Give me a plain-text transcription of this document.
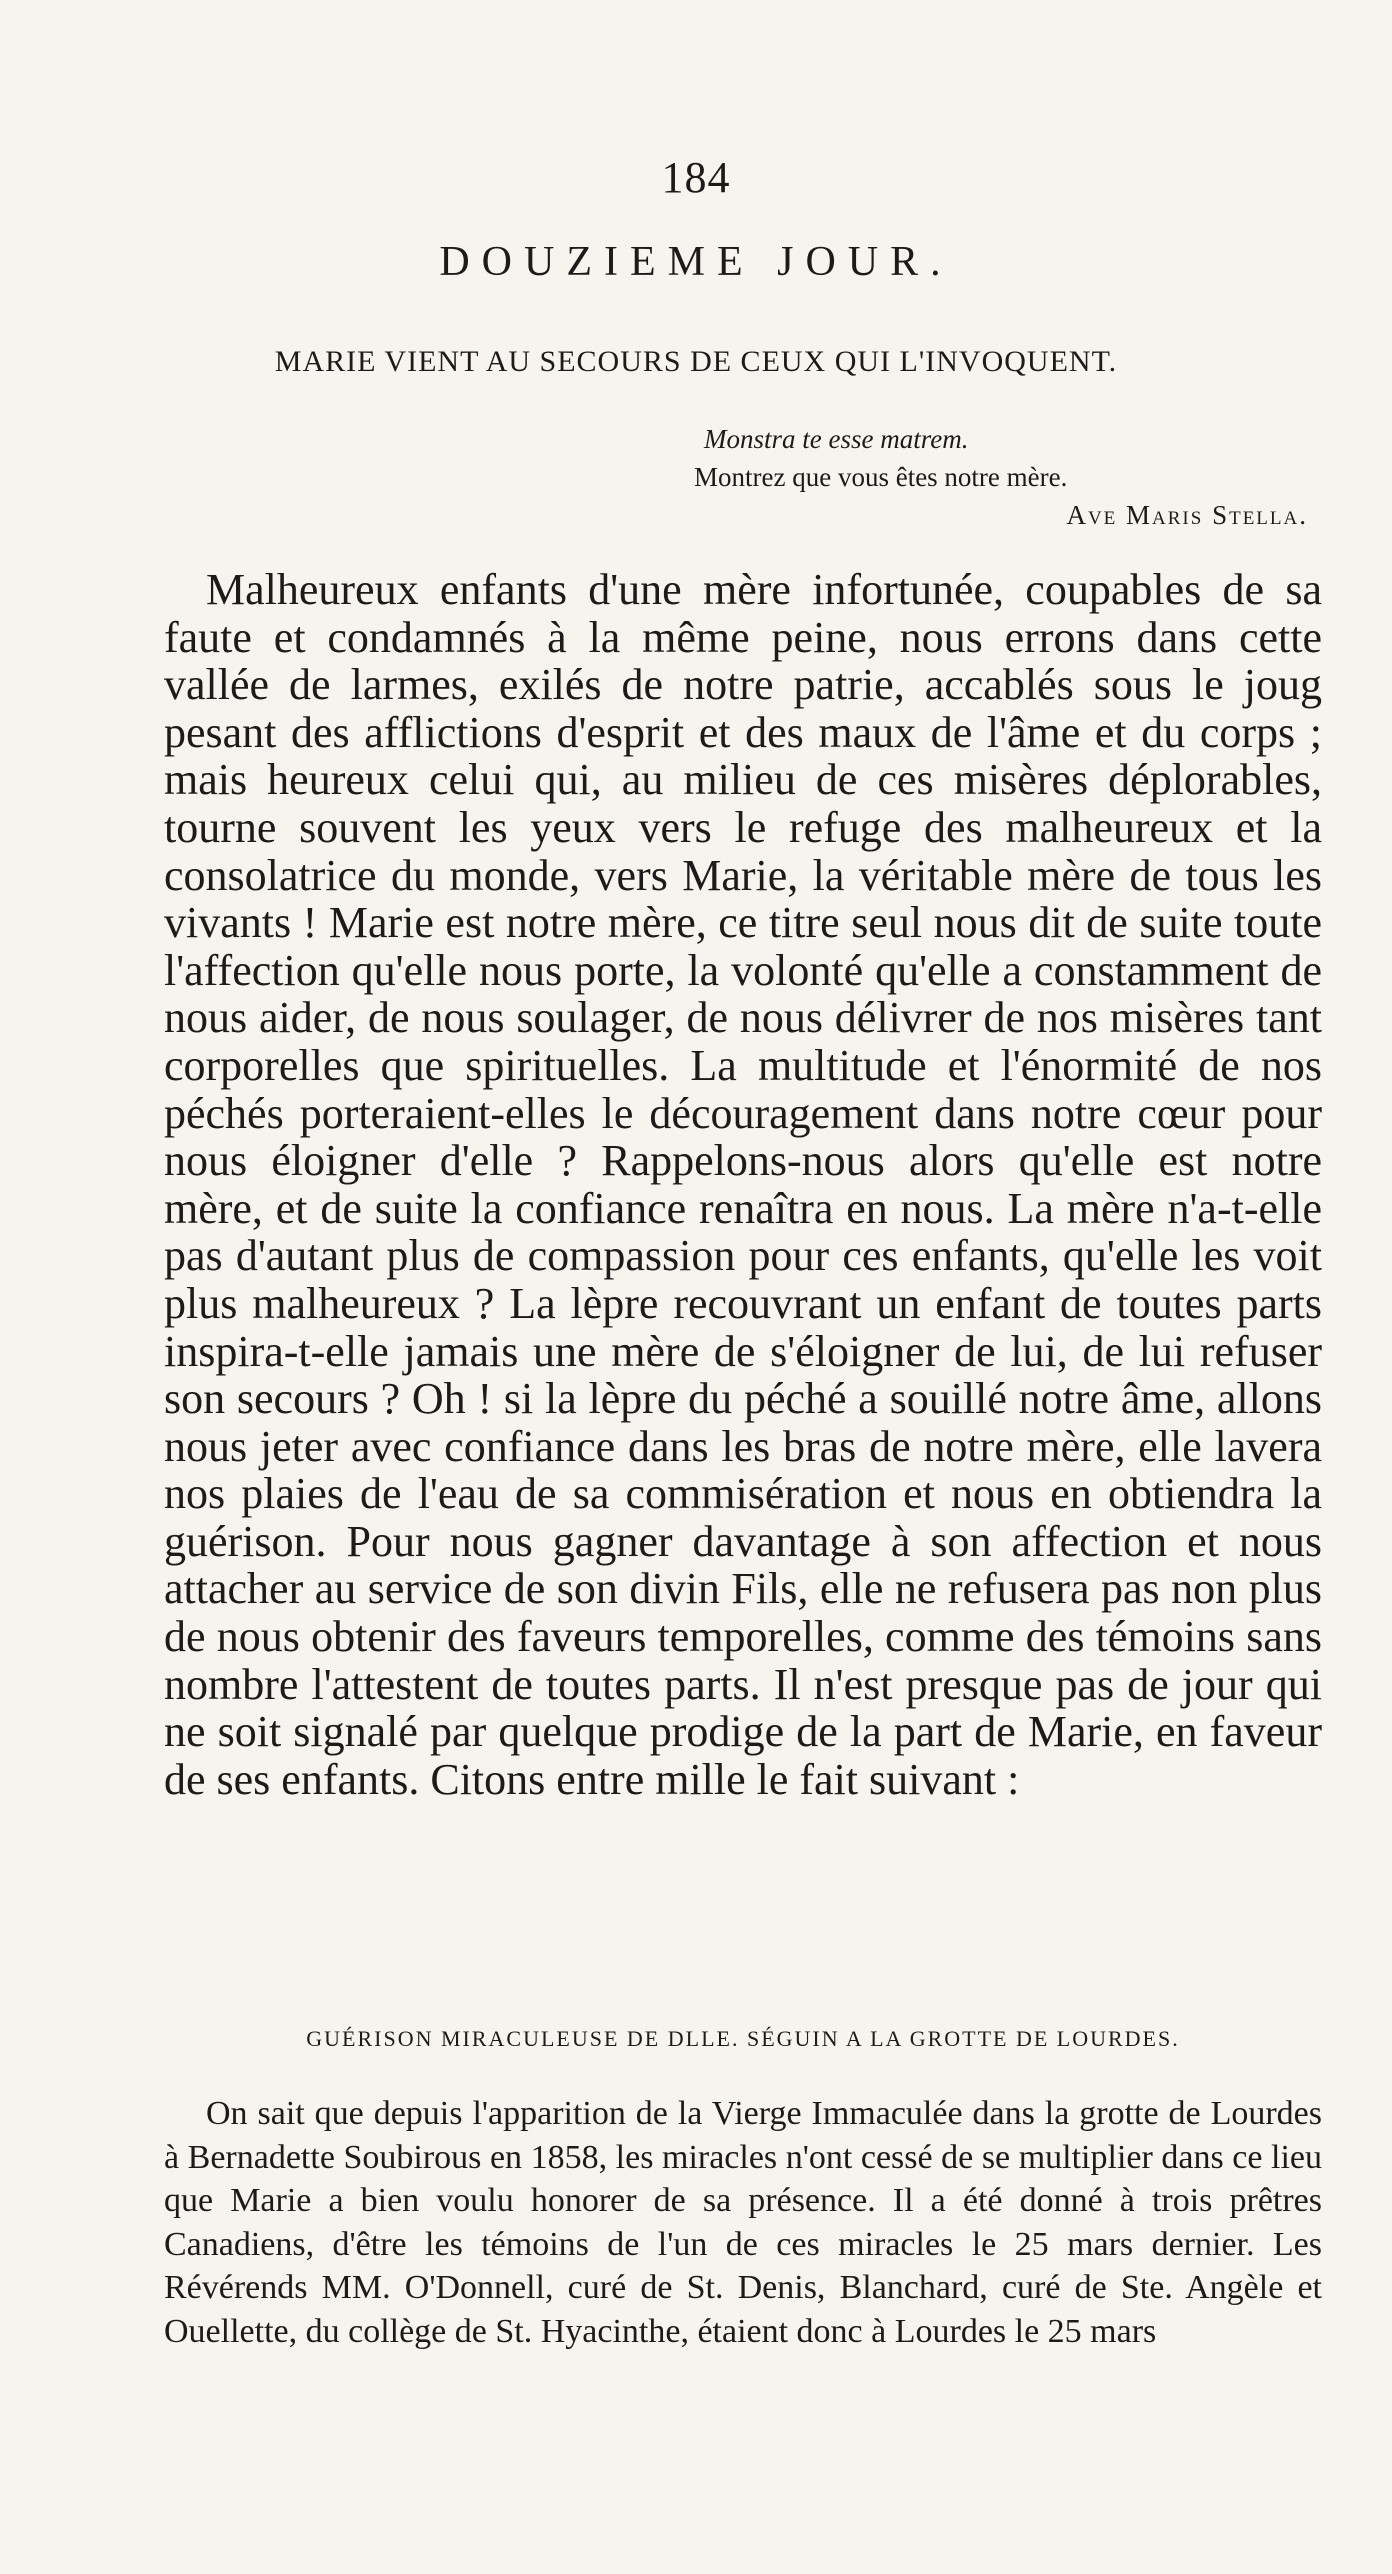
184
DOUZIEME JOUR.
MARIE VIENT AU SECOURS DE CEUX QUI L'INVOQUENT.
Monstra te esse matrem.
Montrez que vous êtes notre mère.
Ave Maris Stella.

Malheureux enfants d'une mère infortunée, coupables de sa faute et condamnés à la même peine, nous errons dans cette vallée de larmes, exilés de notre patrie, accablés sous le joug pesant des afflictions d'esprit et des maux de l'âme et du corps ; mais heureux celui qui, au milieu de ces misères déplorables, tourne souvent les yeux vers le refuge des malheureux et la consolatrice du monde, vers Marie, la véritable mère de tous les vivants ! Marie est notre mère, ce titre seul nous dit de suite toute l'affection qu'elle nous porte, la volonté qu'elle a constamment de nous aider, de nous soulager, de nous délivrer de nos misères tant corporelles que spirituelles. La multitude et l'énormité de nos péchés porteraient-elles le découragement dans notre cœur pour nous éloigner d'elle ? Rappelons-nous alors qu'elle est notre mère, et de suite la confiance renaîtra en nous. La mère n'a-t-elle pas d'autant plus de compassion pour ces enfants, qu'elle les voit plus malheureux ? La lèpre recouvrant un enfant de toutes parts inspira-t-elle jamais une mère de s'éloigner de lui, de lui refuser son secours ? Oh ! si la lèpre du péché a souillé notre âme, allons nous jeter avec confiance dans les bras de notre mère, elle lavera nos plaies de l'eau de sa commisération et nous en obtiendra la guérison. Pour nous gagner davantage à son affection et nous attacher au service de son divin Fils, elle ne refusera pas non plus de nous obtenir des faveurs temporelles, comme des témoins sans nombre l'attestent de toutes parts. Il n'est presque pas de jour qui ne soit signalé par quelque prodige de la part de Marie, en faveur de ses enfants. Citons entre mille le fait suivant :

GUÉRISON MIRACULEUSE DE DLLE. SÉGUIN A LA GROTTE DE LOURDES.

On sait que depuis l'apparition de la Vierge Immaculée dans la grotte de Lourdes à Bernadette Soubirous en 1858, les miracles n'ont cessé de se multiplier dans ce lieu que Marie a bien voulu honorer de sa présence. Il a été donné à trois prêtres Canadiens, d'être les témoins de l'un de ces miracles le 25 mars dernier. Les Révérends MM. O'Donnell, curé de St. Denis, Blanchard, curé de Ste. Angèle et Ouellette, du collège de St. Hyacinthe, étaient donc à Lourdes le 25 mars
